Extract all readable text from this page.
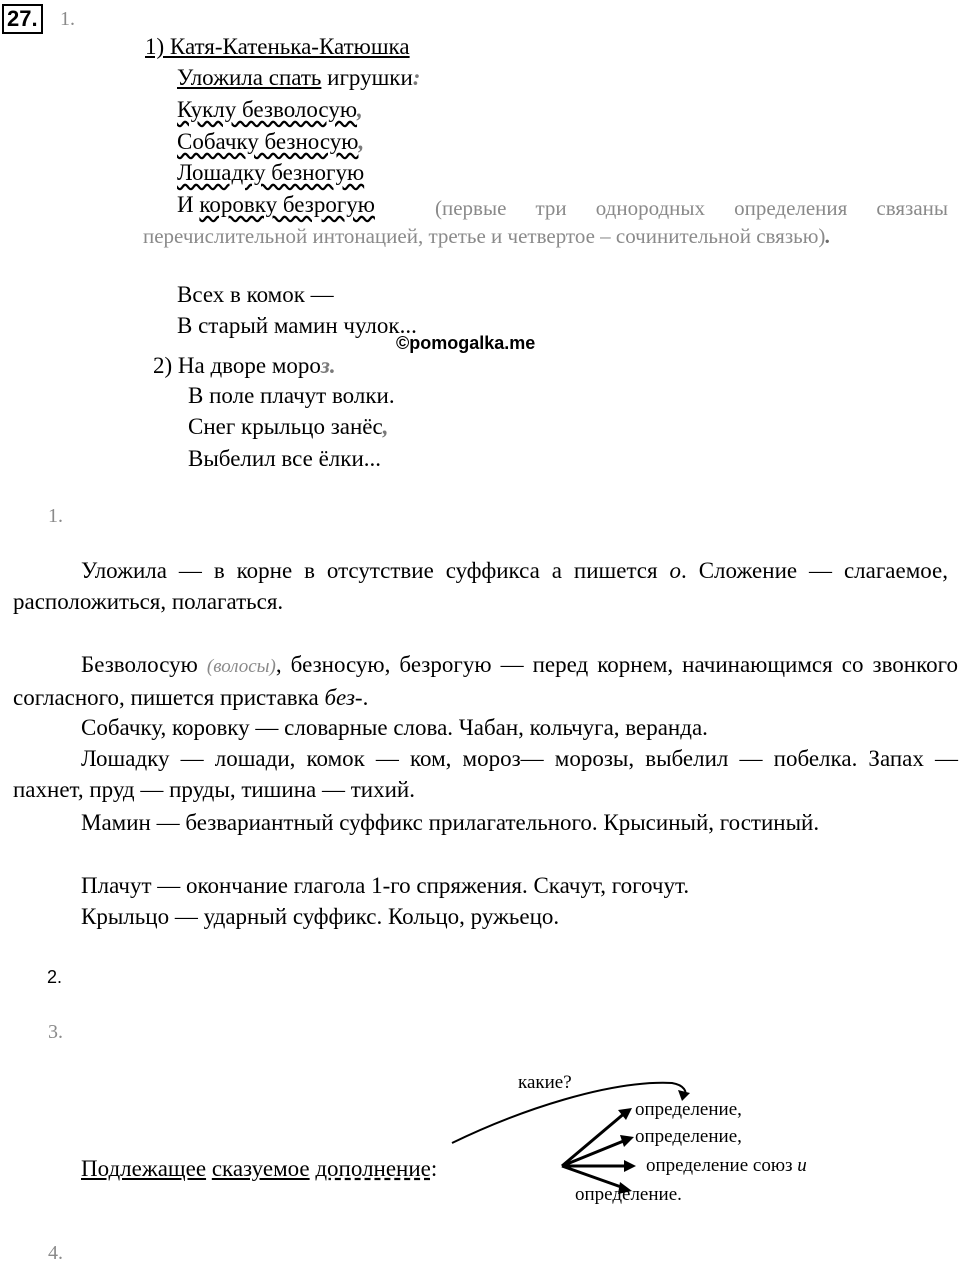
27. 1.
1) Катя-Катенька-Катюшка
Уложила спать игрушки:
Куклу безволосую,
Собачку безносую,
Лошадку безногую
И коровку безрогую	(первые три однородных определения связаны перечислительной интонацией, третье и четвертое – сочинительной связью).
Всех в комок —
В старый мамин чулок...
©pomogalka.me
2) На дворе мороз.
В поле плачут волки.
Снег крыльцо занёс,
Выбелил все ёлки...
1.
Уложила — в корне в отсутствие суффикса а пишется о. Сложение — слагаемое, расположиться, полагаться.
Безволосую (волосы), безносую, безрогую — перед корнем, начинающимся со звонкого согласного, пишется приставка без-.
Собачку, коровку — словарные слова. Чабан, кольчуга, веранда.
Лошадку — лошади, комок — ком, мороз— морозы, выбелил — побелка. Запах — пахнет, пруд — пруды, тишина — тихий.
Мамин — безвариантный суффикс прилагательного. Крысиный, гостиный.
Плачут — окончание глагола 1-го спряжения. Скачут, гогочут.
Крыльцо — ударный суффикс. Кольцо, ружьецо.
2.
3.
какие?
Подлежащее сказуемое дополнение:
определение,
определение,
определение союз и
определение.
4.
